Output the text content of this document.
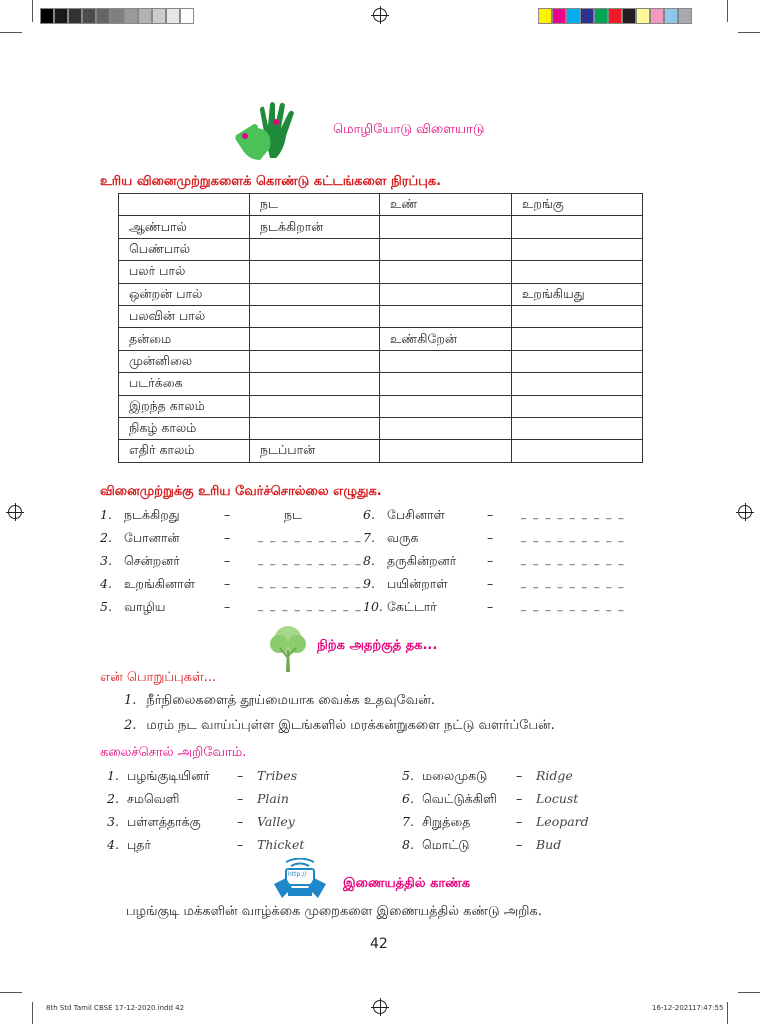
மொழியோடு விளையாடு
உரிய வினைமுற்றுகளைக் கொண்டு கட்டங்களை நிரப்புக.
	நட	உண்	உறங்கு
ஆண்பால்	நடக்கிறான்		
பெண்பால்			
பலர் பால்			
ஒன்றன் பால்			உறங்கியது
பலவின் பால்			
தன்மை		உண்கிறேன்	
முன்னிலை			
படர்க்கை			
இறந்த காலம்			
நிகழ் காலம்			
எதிர் காலம்	நடப்பான்		
வினைமுற்றுக்கு உரிய வேர்ச்சொல்லை எழுதுக.
1. நடக்கிறது	–	நட
2. போனான்	–	_ _ _ _ _ _ _ _ _
3. சென்றனர்	–	_ _ _ _ _ _ _ _ _
4. உறங்கினாள் –	_ _ _ _ _ _ _ _ _
5. வாழிய	–	_ _ _ _ _ _ _ _ _
6. பேசினாள்	–	_ _ _ _ _ _ _ _ _
7. வருக	–	_ _ _ _ _ _ _ _ _
8. தருகின்றனர் –	_ _ _ _ _ _ _ _ _
9. பயின்றாள்	–	_ _ _ _ _ _ _ _ _
10. கேட்டார்	–	_ _ _ _ _ _ _ _ _
நிற்க அதற்குத் தக...
என் பொறுப்புகள்...
1. நீர்நிலைகளைத் தூய்மையாக வைக்க உதவுவேன்.
2. மரம் நட வாய்ப்புள்ள இடங்களில் மரக்கன்றுகளை நட்டு வளர்ப்பேன்.
கலைச்சொல் அறிவோம்.
1. பழங்குடியினர் – Tribes
2. சமவெளி	– Plain
3. பள்ளத்தாக்கு	– Valley
4. புதர்	– Thicket
5. மலைமுகடு – Ridge
6. வெட்டுக்கிளி – Locust
7. சிறுத்தை	– Leopard
8. மொட்டு	– Bud
http://
இணையத்தில் காண்க
பழங்குடி மக்களின் வாழ்க்கை முறைகளை இணையத்தில் கண்டு அறிக.
42
8th Std Tamil CBSE 17-12-2020.indd 42	16-12-2021 17:47:55
